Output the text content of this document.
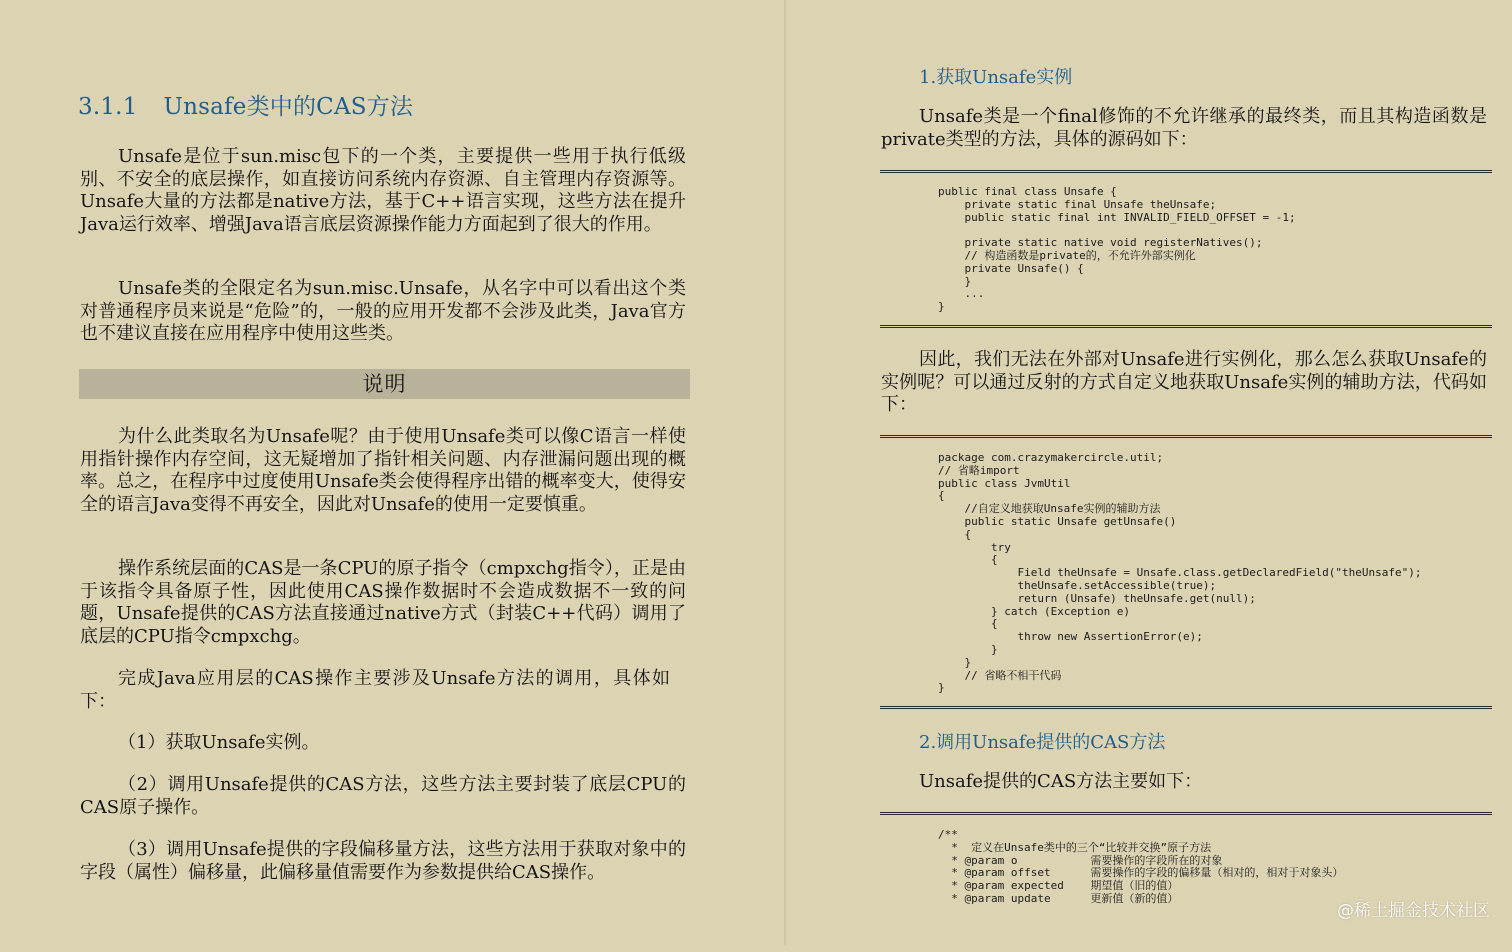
3.1.1 Unsafe类中的CAS方法

Unsafe是位于sun.misc包下的一个类，主要提供一些用于执行低级别、不安全的底层操作，如直接访问系统内存资源、自主管理内存资源等。Unsafe大量的方法都是native方法，基于C++语言实现，这些方法在提升Java运行效率、增强Java语言底层资源操作能力方面起到了很大的作用。

Unsafe类的全限定名为sun.misc.Unsafe，从名字中可以看出这个类对普通程序员来说是“危险”的，一般的应用开发都不会涉及此类，Java官方也不建议直接在应用程序中使用这些类。

说明

为什么此类取名为Unsafe呢？由于使用Unsafe类可以像C语言一样使用指针操作内存空间，这无疑增加了指针相关问题、内存泄漏问题出现的概率。总之，在程序中过度使用Unsafe类会使得程序出错的概率变大，使得安全的语言Java变得不再安全，因此对Unsafe的使用一定要慎重。

操作系统层面的CAS是一条CPU的原子指令（cmpxchg指令），正是由于该指令具备原子性，因此使用CAS操作数据时不会造成数据不一致的问题，Unsafe提供的CAS方法直接通过native方式（封装C++代码）调用了底层的CPU指令cmpxchg。

完成Java应用层的CAS操作主要涉及Unsafe方法的调用，具体如下：

（1）获取Unsafe实例。

（2）调用Unsafe提供的CAS方法，这些方法主要封装了底层CPU的CAS原子操作。

（3）调用Unsafe提供的字段偏移量方法，这些方法用于获取对象中的字段（属性）偏移量，此偏移量值需要作为参数提供给CAS操作。

1.获取Unsafe实例

Unsafe类是一个final修饰的不允许继承的最终类，而且其构造函数是private类型的方法，具体的源码如下：

public final class Unsafe {
private static final Unsafe theUnsafe;
public static final int INVALID_FIELD_OFFSET = -1;

private static native void registerNatives();
// 构造函数是private的，不允许外部实例化
private Unsafe() {
}
...
}

因此，我们无法在外部对Unsafe进行实例化，那么怎么获取Unsafe的实例呢？可以通过反射的方式自定义地获取Unsafe实例的辅助方法，代码如下：

package com.crazymakercircle.util;
// 省略import
public class JvmUtil
{
//自定义地获取Unsafe实例的辅助方法
public static Unsafe getUnsafe()
{
try
{
Field theUnsafe = Unsafe.class.getDeclaredField("theUnsafe");
theUnsafe.setAccessible(true);
return (Unsafe) theUnsafe.get(null);
} catch (Exception e)
{
throw new AssertionError(e);
}
}
// 省略不相干代码
}
2.调用Unsafe提供的CAS方法

Unsafe提供的CAS方法主要如下：

/**
*  定义在Unsafe类中的三个“比较并交换”原子方法
* @param o           需要操作的字段所在的对象
* @param offset      需要操作的字段的偏移量（相对的，相对于对象头）
* @param expected    期望值（旧的值）
* @param update      更新值（新的值）
@稀土掘金技术社区
